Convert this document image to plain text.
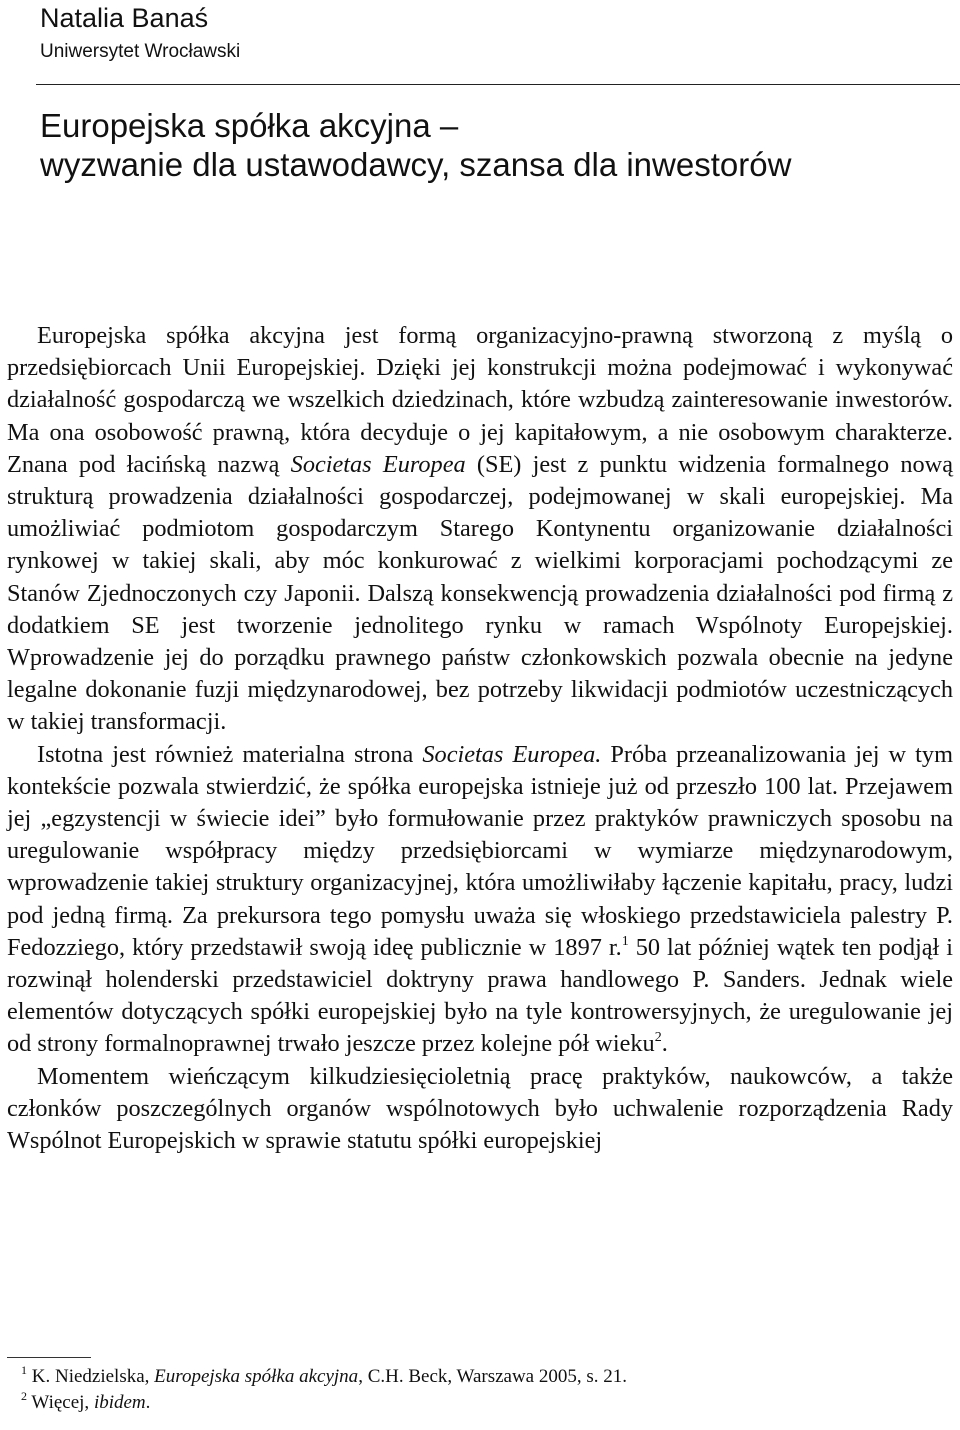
Natalia Banaś
Uniwersytet Wrocławski
Europejska spółka akcyjna –
wyzwanie dla ustawodawcy, szansa dla inwestorów

Europejska spółka akcyjna jest formą organizacyjno-prawną stworzoną z myślą o przedsiębiorcach Unii Europejskiej. Dzięki jej konstrukcji można podejmować i wykonywać działalność gospodarczą we wszelkich dziedzinach, które wzbudzą zainteresowanie inwestorów. Ma ona osobowość prawną, która decyduje o jej kapitałowym, a nie osobowym charakterze. Znana pod łacińską nazwą Societas Europea (SE) jest z punktu widzenia formalnego nową strukturą prowadzenia działalności gospodarczej, podejmowanej w skali europejskiej. Ma umożliwiać podmiotom gospodarczym Starego Kontynentu organizowanie działalności rynkowej w takiej skali, aby móc konkurować z wielkimi korporacjami pochodzącymi ze Stanów Zjednoczonych czy Japonii. Dalszą konsekwencją prowadzenia działalności pod firmą z dodatkiem SE jest tworzenie jednolitego rynku w ramach Wspólnoty Europejskiej. Wprowadzenie jej do porządku prawnego państw członkowskich pozwala obecnie na jedyne legalne dokonanie fuzji międzynarodowej, bez potrzeby likwidacji podmiotów uczestniczących w takiej transformacji.

Istotna jest również materialna strona Societas Europea. Próba przeanalizowania jej w tym kontekście pozwala stwierdzić, że spółka europejska istnieje już od przeszło 100 lat. Przejawem jej „egzystencji w świecie idei” było formułowanie przez praktyków prawniczych sposobu na uregulowanie współpracy między przedsiębiorcami w wymiarze międzynarodowym, wprowadzenie takiej struktury organizacyjnej, która umożliwiłaby łączenie kapitału, pracy, ludzi pod jedną firmą. Za prekursora tego pomysłu uważa się włoskiego przedstawiciela palestry P. Fedozziego, który przedstawił swoją ideę publicznie w 1897 r.$^1$ 50 lat później wątek ten podjął i rozwinął holenderski przedstawiciel doktryny prawa handlowego P. Sanders. Jednak wiele elementów dotyczących spółki europejskiej było na tyle kontrowersyjnych, że uregulowanie jej od strony formalnoprawnej trwało jeszcze przez kolejne pół wieku$^2$.

Momentem wieńczącym kilkudziesięcioletnią pracę praktyków, naukowców, a także członków poszczególnych organów wspólnotowych było uchwalenie rozporządzenia Rady Wspólnot Europejskich w sprawie statutu spółki europejskiej

$^1$ K. Niedzielska, Europejska spółka akcyjna, C.H. Beck, Warszawa 2005, s. 21.

$^2$ Więcej, ibidem.
